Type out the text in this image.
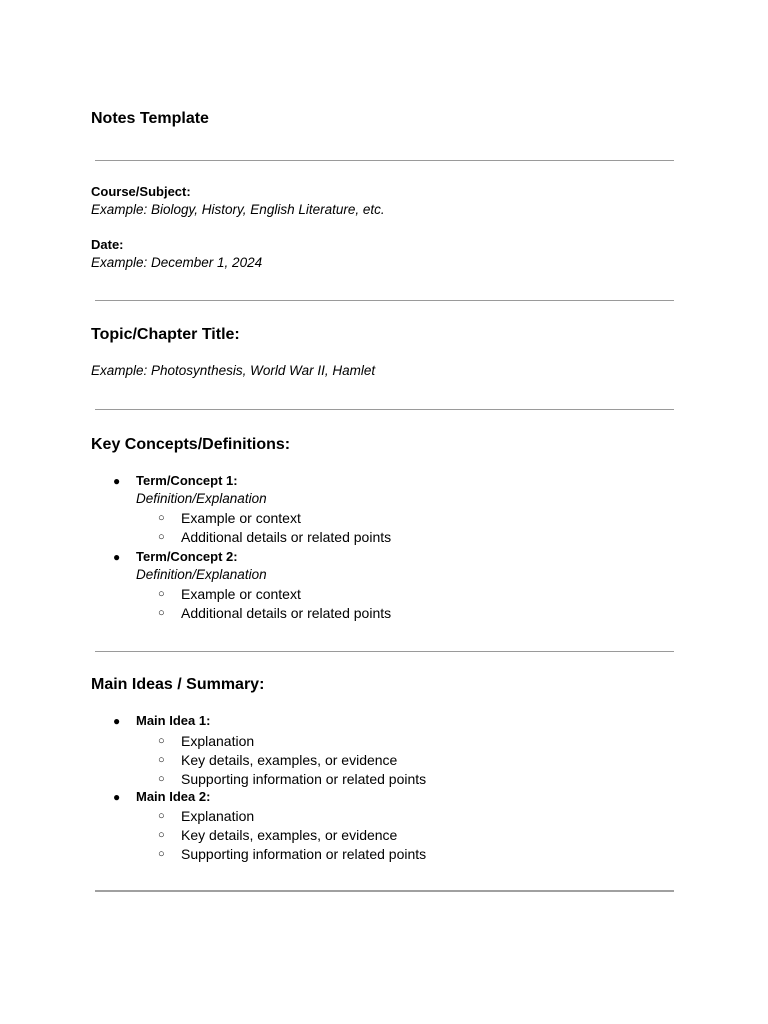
Notes Template

Course/Subject:

Example: Biology, History, English Literature, etc.

Date:

Example: December 1, 2024

Topic/Chapter Title:

Example: Photosynthesis, World War II, Hamlet

Key Concepts/Definitions:

● Term/Concept 1:
Definition/Explanation
○ Example or context
○ Additional details or related points
● Term/Concept 2:
Definition/Explanation
○ Example or context
○ Additional details or related points

Main Ideas / Summary:

● Main Idea 1:
○ Explanation
○ Key details, examples, or evidence
○ Supporting information or related points
● Main Idea 2:
○ Explanation
○ Key details, examples, or evidence
○ Supporting information or related points
